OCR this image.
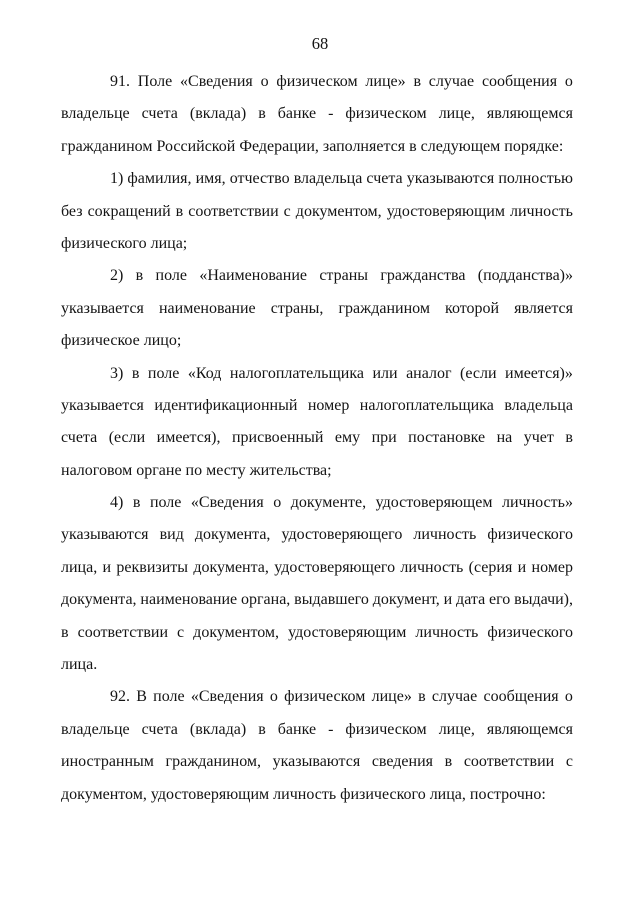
68
91. Поле «Сведения о физическом лице» в случае сообщения о
владельце счета (вклада) в банке - физическом лице, являющемся
гражданином Российской Федерации, заполняется в следующем порядке:
1) фамилия, имя, отчество владельца счета указываются полностью
без сокращений в соответствии с документом, удостоверяющим личность
физического лица;
2) в поле «Наименование страны гражданства (подданства)»
указывается наименование страны, гражданином которой является
физическое лицо;
3) в поле «Код налогоплательщика или аналог (если имеется)»
указывается идентификационный номер налогоплательщика владельца
счета (если имеется), присвоенный ему при постановке на учет в
налоговом органе по месту жительства;
4) в поле «Сведения о документе, удостоверяющем личность»
указываются вид документа, удостоверяющего личность физического
лица, и реквизиты документа, удостоверяющего личность (серия и номер
документа, наименование органа, выдавшего документ, и дата его выдачи),
в соответствии с документом, удостоверяющим личность физического
лица.
92. В поле «Сведения о физическом лице» в случае сообщения о
владельце счета (вклада) в банке - физическом лице, являющемся
иностранным гражданином, указываются сведения в соответствии с
документом, удостоверяющим личность физического лица, построчно:
